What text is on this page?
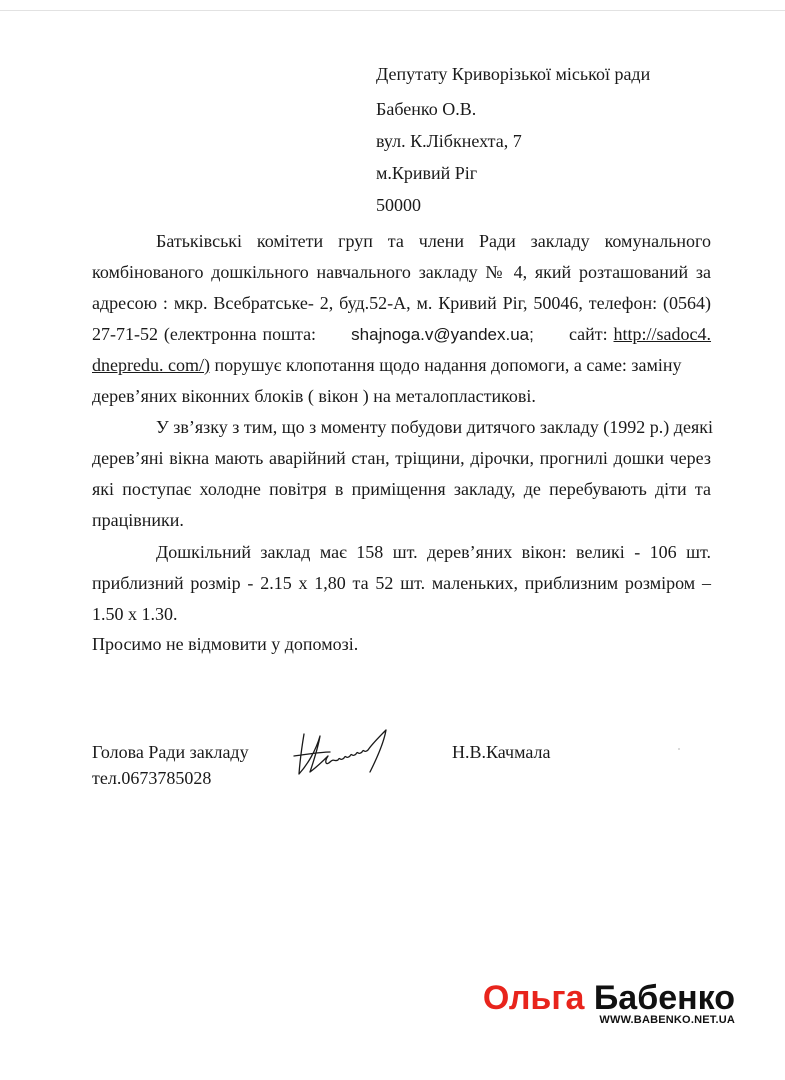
Депутату Криворізької міської ради
Бабенко О.В.
вул. К.Лібкнехта, 7
м.Кривий Ріг
50000
Батьківські комітети груп та члени Ради закладу комунального
комбінованого дошкільного навчального закладу № 4, який розташований за
адресою : мкр. Всебратське- 2, буд.52-А, м. Кривий Ріг, 50046, телефон: (0564)
27-71-52 (електронна пошта: shajnoga.v@yandex.ua; сайт: http://sadoc4.
dnepredu. com/) порушує клопотання щодо надання допомоги, а саме: заміну
дерев’яних віконних блоків ( вікон ) на металопластикові.
У зв’язку з тим, що з моменту побудови дитячого закладу (1992 р.) деякі
дерев’яні вікна мають аварійний стан, тріщини, дірочки, прогнилі дошки через
які поступає холодне повітря в приміщення закладу, де перебувають діти та
працівники.
Дошкільний заклад має 158 шт. дерев’яних вікон: великі - 106 шт.
приблизний розмір - 2.15 х 1,80 та 52 шт. маленьких, приблизним розміром –
1.50 х 1.30.
Просимо не відмовити у допомозі.
Голова Ради закладу
тел.0673785028
Н.В.Качмала
Ольга Бабенко
WWW.BABENKO.NET.UA
